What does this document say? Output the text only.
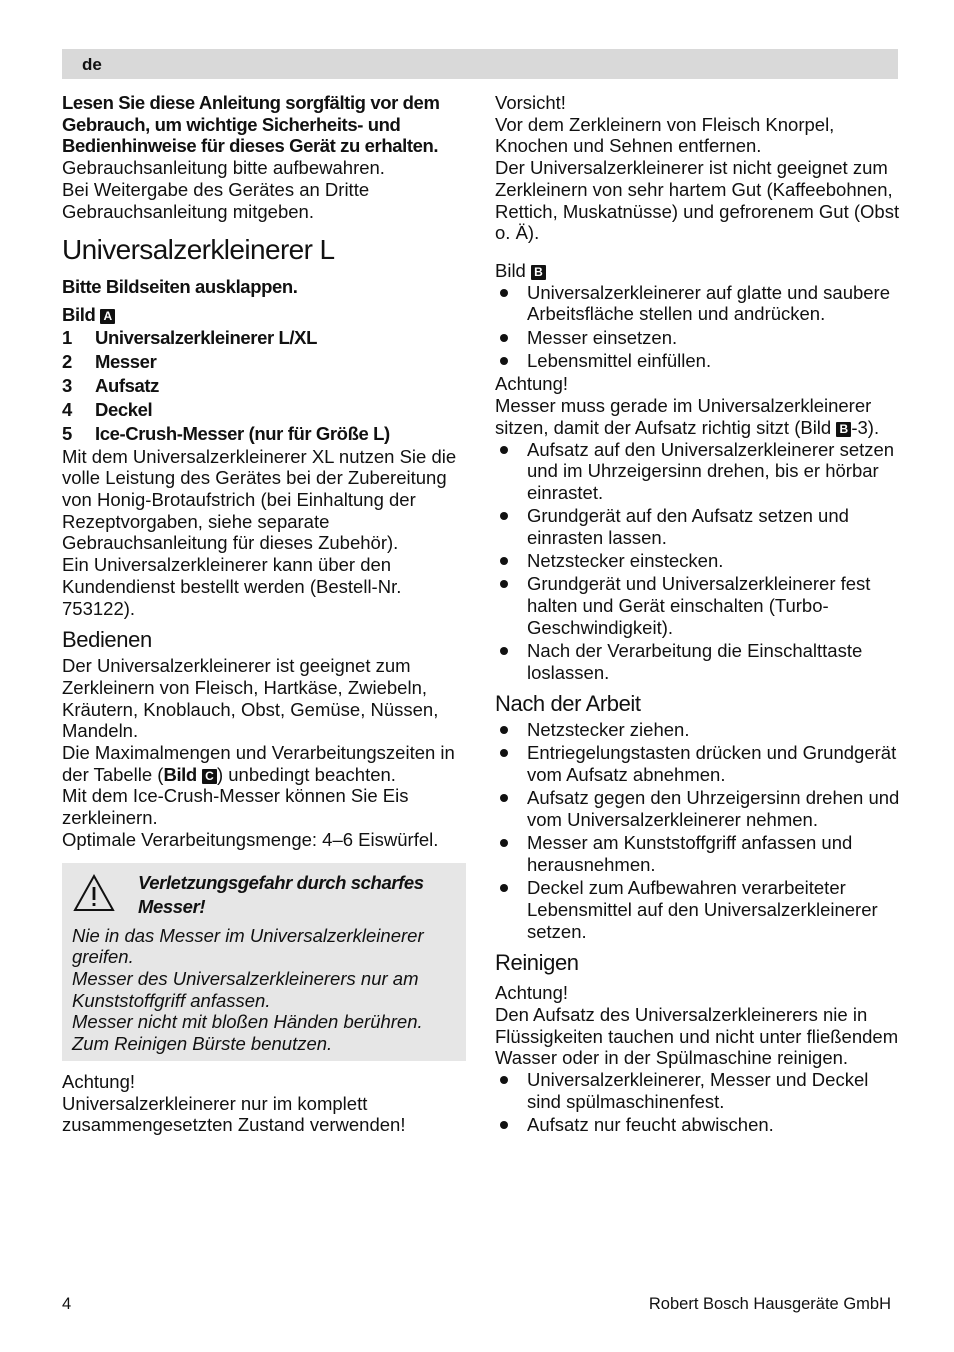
de

Lesen Sie diese Anleitung sorgfältig vor dem Gebrauch, um wichtige Sicherheits- und Bedienhinweise für dieses Gerät zu erhalten.

Gebrauchsanleitung bitte aufbewahren.

Bei Weitergabe des Gerätes an Dritte Gebrauchsanleitung mitgeben.

Universalzerkleinerer L

Bitte Bildseiten ausklappen.

Bild A

1	Universalzerkleinerer L/XL
2	Messer
3	Aufsatz
4	Deckel
5	Ice-Crush-Messer (nur für Größe L)

Mit dem Universalzerkleinerer XL nutzen Sie die volle Leistung des Gerätes bei der Zubereitung von Honig-Brotaufstrich (bei Einhaltung der Rezeptvorgaben, siehe separate Gebrauchsanleitung für dieses Zubehör).

Ein Universalzerkleinerer kann über den Kundendienst bestellt werden (Bestell-Nr. 753122).

Bedienen

Der Universalzerkleinerer ist geeignet zum Zerkleinern von Fleisch, Hartkäse, Zwiebeln, Kräutern, Knoblauch, Obst, Gemüse, Nüssen, Mandeln.

Die Maximalmengen und Verarbeitungszeiten in der Tabelle (Bild C ) unbedingt beachten.

Mit dem Ice-Crush-Messer können Sie Eis zerkleinern.

Optimale Verarbeitungsmenge: 4–6 Eiswürfel.

Verletzungsgefahr durch scharfes Messer!

Nie in das Messer im Universalzerkleinerer greifen.

Messer des Universalzerkleinerers nur am Kunststoffgriff anfassen.

Messer nicht mit bloßen Händen berühren. Zum Reinigen Bürste benutzen.

Achtung!

Universalzerkleinerer nur im komplett zusammengesetzten Zustand verwenden!

Vorsicht!

Vor dem Zerkleinern von Fleisch Knorpel, Knochen und Sehnen entfernen.

Der Universalzerkleinerer ist nicht geeignet zum Zerkleinern von sehr hartem Gut (Kaffeebohnen, Rettich, Muskatnüsse) und gefrorenem Gut (Obst o. Ä).

Bild B

Universalzerkleinerer auf glatte und saubere Arbeitsfläche stellen und andrücken.
Messer einsetzen.
Lebensmittel einfüllen.

Achtung!

Messer muss gerade im Universalzerkleinerer sitzen, damit der Aufsatz richtig sitzt (Bild B -3).

Aufsatz auf den Universalzerkleinerer setzen und im Uhrzeigersinn drehen, bis er hörbar einrastet.
Grundgerät auf den Aufsatz setzen und einrasten lassen.
Netzstecker einstecken.
Grundgerät und Universalzerkleinerer fest halten und Gerät einschalten (Turbo-Geschwindigkeit).
Nach der Verarbeitung die Einschalttaste loslassen.
Nach der Arbeit
Netzstecker ziehen.
Entriegelungstasten drücken und Grundgerät vom Aufsatz abnehmen.
Aufsatz gegen den Uhrzeigersinn drehen und vom Universalzerkleinerer nehmen.
Messer am Kunststoffgriff anfassen und herausnehmen.
Deckel zum Aufbewahren verarbeiteter Lebensmittel auf den Universalzerkleinerer setzen.
Reinigen

Achtung!

Den Aufsatz des Universalzerkleinerers nie in Flüssigkeiten tauchen und nicht unter fließendem Wasser oder in der Spülmaschine reinigen.

Universalzerkleinerer, Messer und Deckel sind spülmaschinenfest.
Aufsatz nur feucht abwischen.
4	Robert Bosch Hausgeräte GmbH
